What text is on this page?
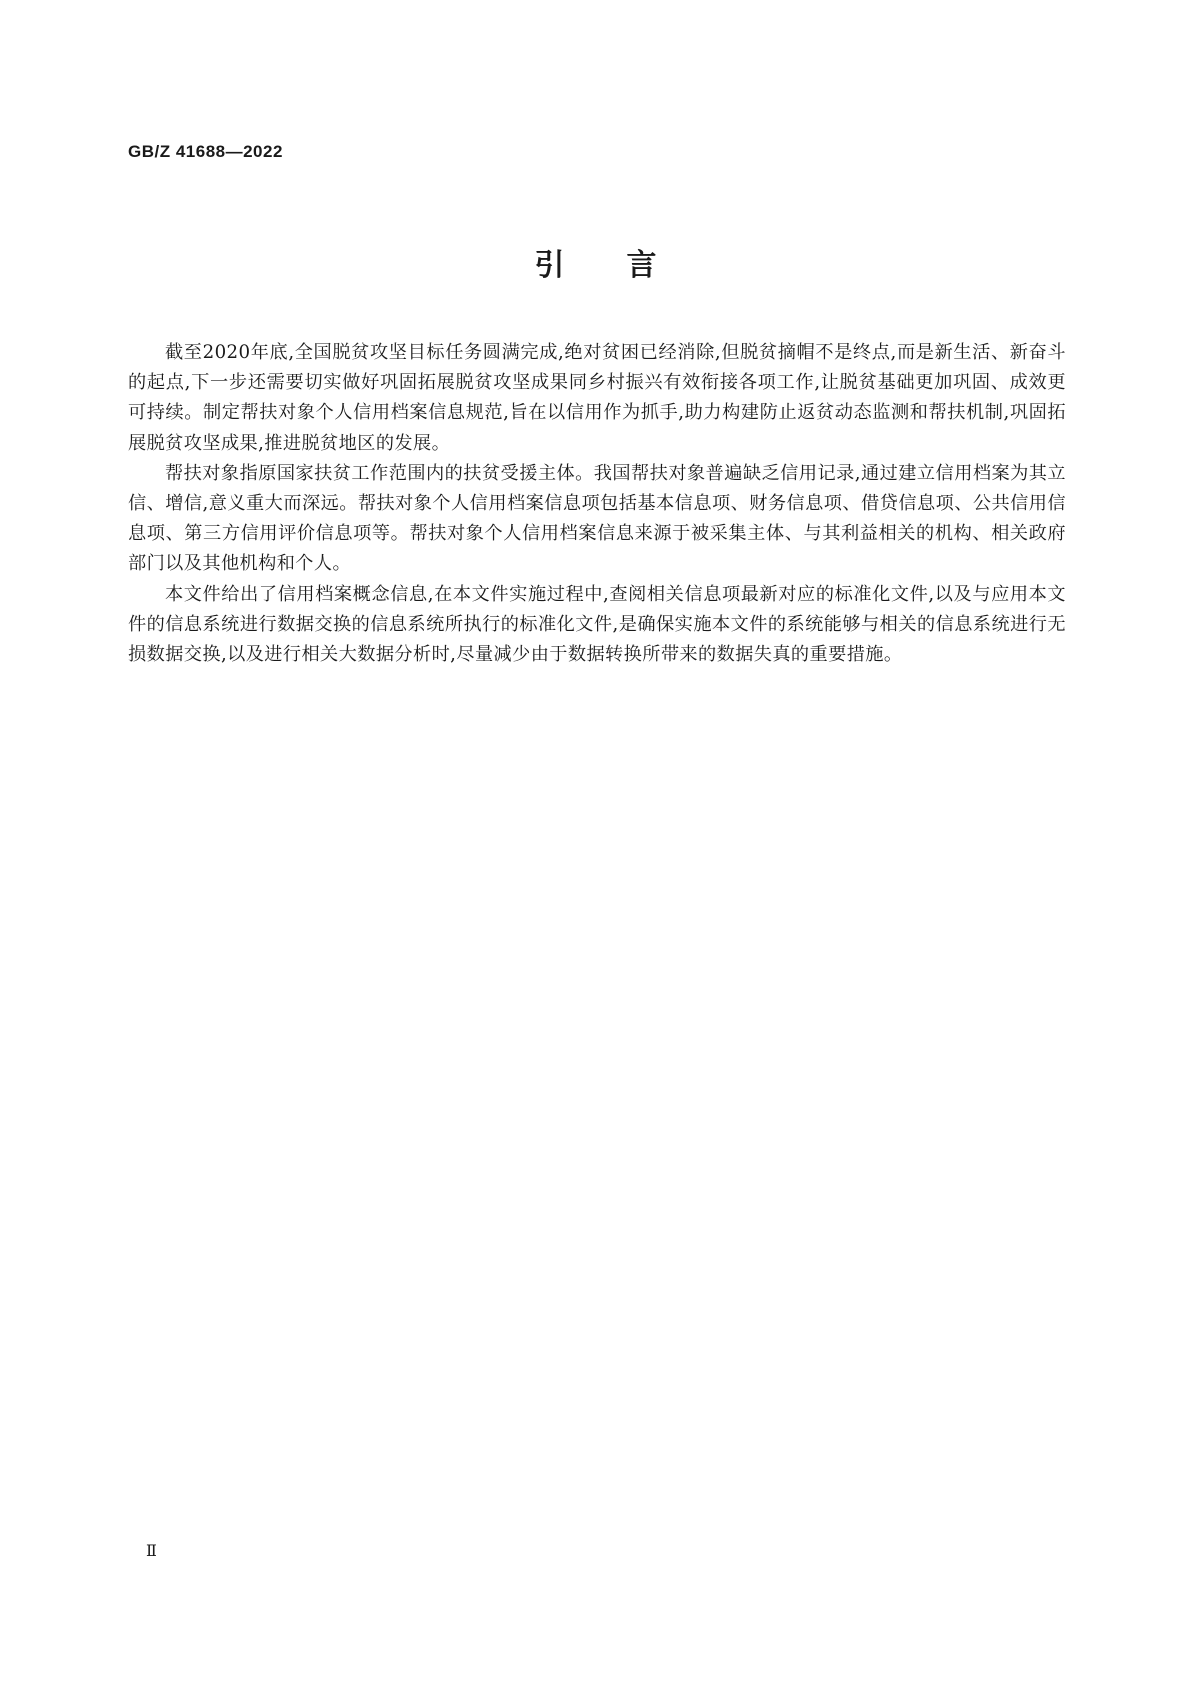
GB/Z 41688—2022
引 言

截至2020年底,全国脱贫攻坚目标任务圆满完成,绝对贫困已经消除,但脱贫摘帽不是终点,而是新生活、新奋斗的起点,下一步还需要切实做好巩固拓展脱贫攻坚成果同乡村振兴有效衔接各项工作,让脱贫基础更加巩固、成效更可持续。制定帮扶对象个人信用档案信息规范,旨在以信用作为抓手,助力构建防止返贫动态监测和帮扶机制,巩固拓展脱贫攻坚成果,推进脱贫地区的发展。

帮扶对象指原国家扶贫工作范围内的扶贫受援主体。我国帮扶对象普遍缺乏信用记录,通过建立信用档案为其立信、增信,意义重大而深远。帮扶对象个人信用档案信息项包括基本信息项、财务信息项、借贷信息项、公共信用信息项、第三方信用评价信息项等。帮扶对象个人信用档案信息来源于被采集主体、与其利益相关的机构、相关政府部门以及其他机构和个人。

本文件给出了信用档案概念信息,在本文件实施过程中,查阅相关信息项最新对应的标准化文件,以及与应用本文件的信息系统进行数据交换的信息系统所执行的标准化文件,是确保实施本文件的系统能够与相关的信息系统进行无损数据交换,以及进行相关大数据分析时,尽量减少由于数据转换所带来的数据失真的重要措施。

Ⅱ
